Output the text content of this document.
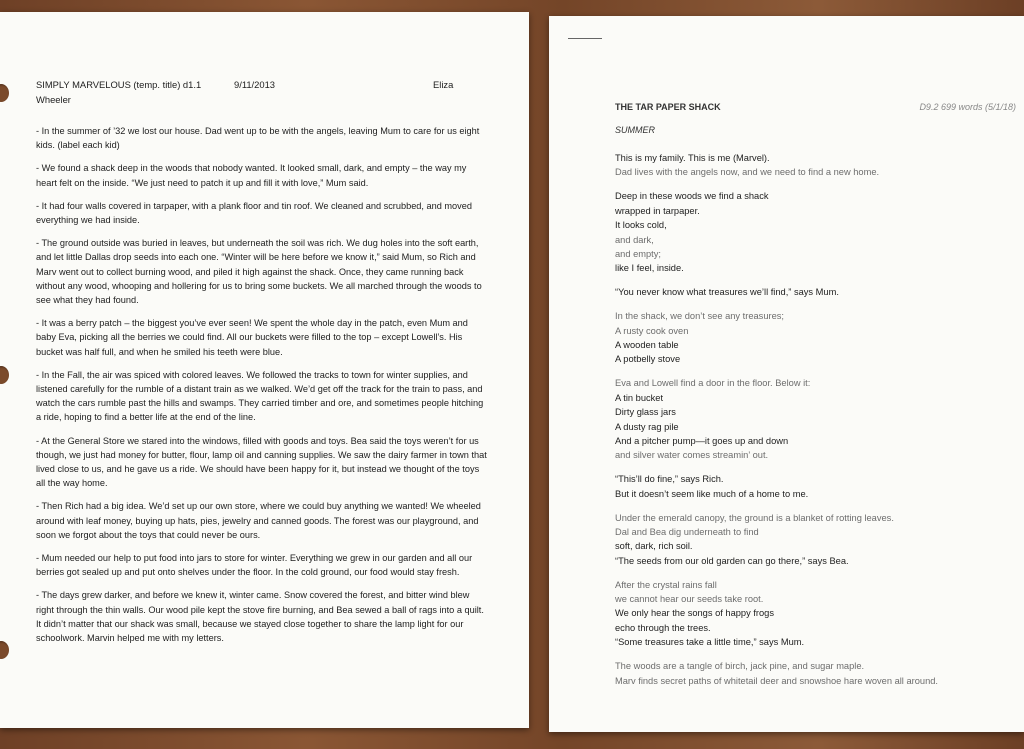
SIMPLY MARVELOUS (temp. title) d1.1	9/11/2013	Eliza
Wheeler

- In the summer of ’32 we lost our house. Dad went up to be with the angels, leaving Mum to care for us eight kids. (label each kid)

- We found a shack deep in the woods that nobody wanted. It looked small, dark, and empty – the way my heart felt on the inside. “We just need to patch it up and fill it with love,” Mum said.

- It had four walls covered in tarpaper, with a plank floor and tin roof. We cleaned and scrubbed, and moved everything we had inside.

- The ground outside was buried in leaves, but underneath the soil was rich. We dug holes into the soft earth, and let little Dallas drop seeds into each one. “Winter will be here before we know it,” said Mum, so Rich and Marv went out to collect burning wood, and piled it high against the shack. Once, they came running back without any wood, whooping and hollering for us to bring some buckets. We all marched through the woods to see what they had found.

- It was a berry patch – the biggest you’ve ever seen! We spent the whole day in the patch, even Mum and baby Eva, picking all the berries we could find. All our buckets were filled to the top – except Lowell’s. His bucket was half full, and when he smiled his teeth were blue.

- In the Fall, the air was spiced with colored leaves. We followed the tracks to town for winter supplies, and listened carefully for the rumble of a distant train as we walked. We’d get off the track for the train to pass, and watch the cars rumble past the hills and swamps. They carried timber and ore, and sometimes people hitching a ride, hoping to find a better life at the end of the line.

- At the General Store we stared into the windows, filled with goods and toys. Bea said the toys weren’t for us though, we just had money for butter, flour, lamp oil and canning supplies. We saw the dairy farmer in town that lived close to us, and he gave us a ride. We should have been happy for it, but instead we thought of the toys all the way home.

- Then Rich had a big idea. We’d set up our own store, where we could buy anything we wanted! We wheeled around with leaf money, buying up hats, pies, jewelry and canned goods. The forest was our playground, and soon we forgot about the toys that could never be ours.

- Mum needed our help to put food into jars to store for winter. Everything we grew in our garden and all our berries got sealed up and put onto shelves under the floor. In the cold ground, our food would stay fresh.

- The days grew darker, and before we knew it, winter came. Snow covered the forest, and bitter wind blew right through the thin walls. Our wood pile kept the stove fire burning, and Bea sewed a ball of rags into a quilt. It didn’t matter that our shack was small, because we stayed close together to share the lamp light for our schoolwork. Marvin helped me with my letters.

THE TAR PAPER SHACK	D9.2 699 words (5/1/18)
SUMMER
This is my family. This is me (Marvel).
Dad lives with the angels now, and we need to find a new home.
Deep in these woods we find a shack
wrapped in tarpaper.
It looks cold,
and dark,
and empty;
like I feel, inside.
“You never know what treasures we’ll find,” says Mum.
In the shack, we don’t see any treasures;
A rusty cook oven
A wooden table
A potbelly stove
Eva and Lowell find a door in the floor. Below it:
A tin bucket
Dirty glass jars
A dusty rag pile
And a pitcher pump—it goes up and down
and silver water comes streamin’ out.
“This’ll do fine,” says Rich.
But it doesn’t seem like much of a home to me.
Under the emerald canopy, the ground is a blanket of rotting leaves.
Dal and Bea dig underneath to find
soft, dark, rich soil.
“The seeds from our old garden can go there,” says Bea.
After the crystal rains fall
we cannot hear our seeds take root.
We only hear the songs of happy frogs
echo through the trees.
“Some treasures take a little time,” says Mum.
The woods are a tangle of birch, jack pine, and sugar maple.
Marv finds secret paths of whitetail deer and snowshoe hare woven all around.
